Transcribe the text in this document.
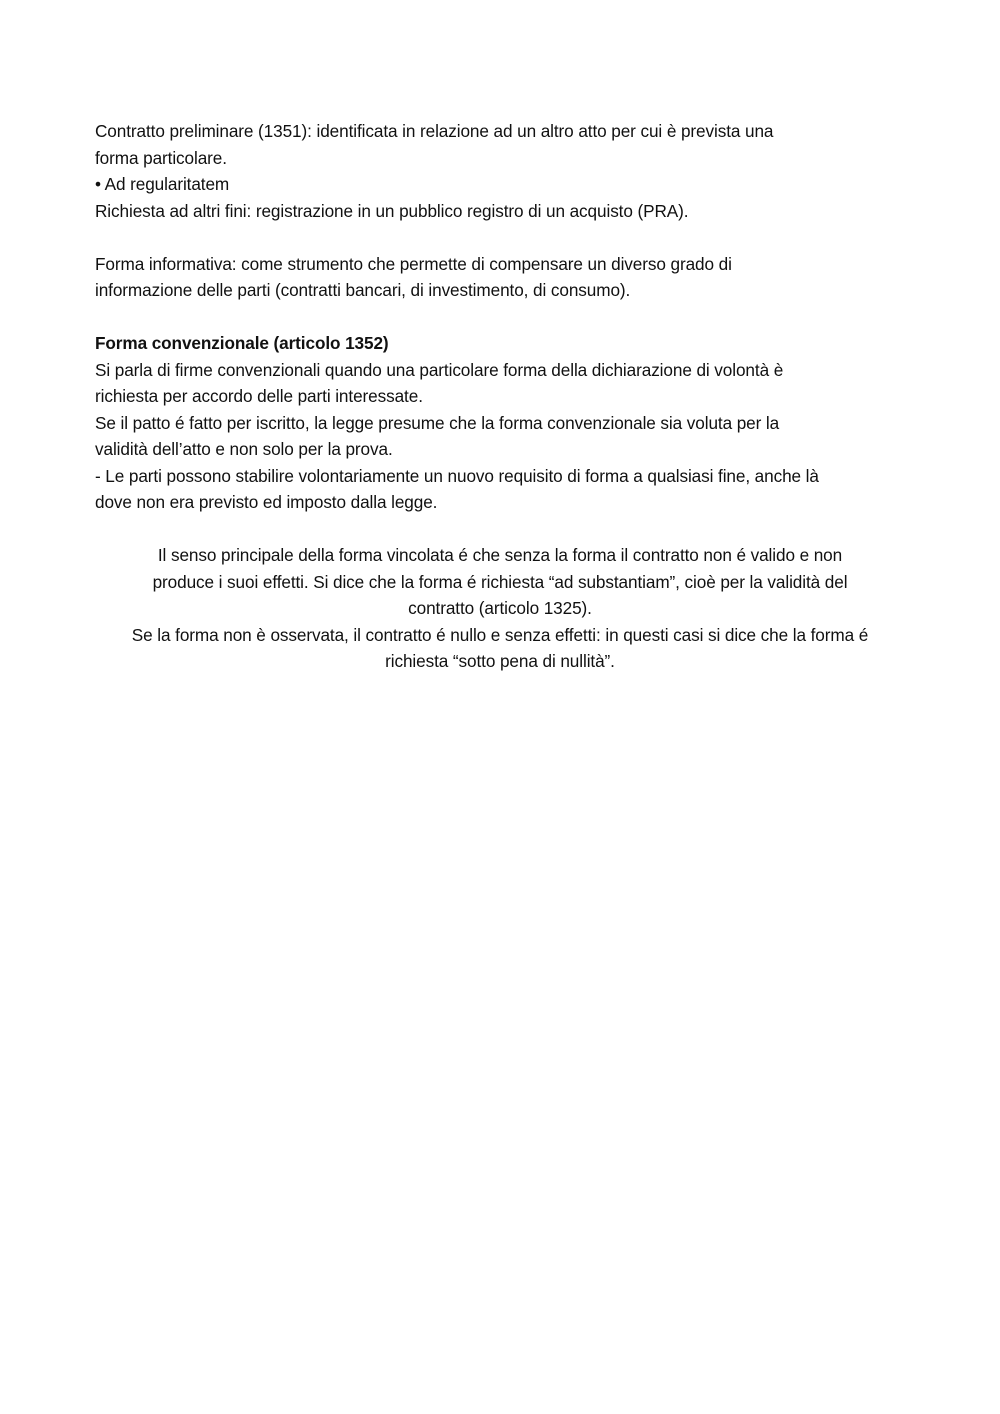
Contratto preliminare (1351): identificata in relazione ad un altro atto per cui è prevista una
forma particolare.
• Ad regularitatem
Richiesta ad altri fini: registrazione in un pubblico registro di un acquisto (PRA).
Forma informativa: come strumento che permette di compensare un diverso grado di
informazione delle parti (contratti bancari, di investimento, di consumo).
Forma convenzionale (articolo 1352)
Si parla di firme convenzionali quando una particolare forma della dichiarazione di volontà è
richiesta per accordo delle parti interessate.
Se il patto é fatto per iscritto, la legge presume che la forma convenzionale sia voluta per la
validità dell’atto e non solo per la prova.
- Le parti possono stabilire volontariamente un nuovo requisito di forma a qualsiasi fine, anche là
dove non era previsto ed imposto dalla legge.
Il senso principale della forma vincolata é che senza la forma il contratto non é valido e non
produce i suoi effetti. Si dice che la forma é richiesta “ad substantiam”, cioè per la validità del
contratto (articolo 1325).
Se la forma non è osservata, il contratto é nullo e senza effetti: in questi casi si dice che la forma é
richiesta “sotto pena di nullità”.
